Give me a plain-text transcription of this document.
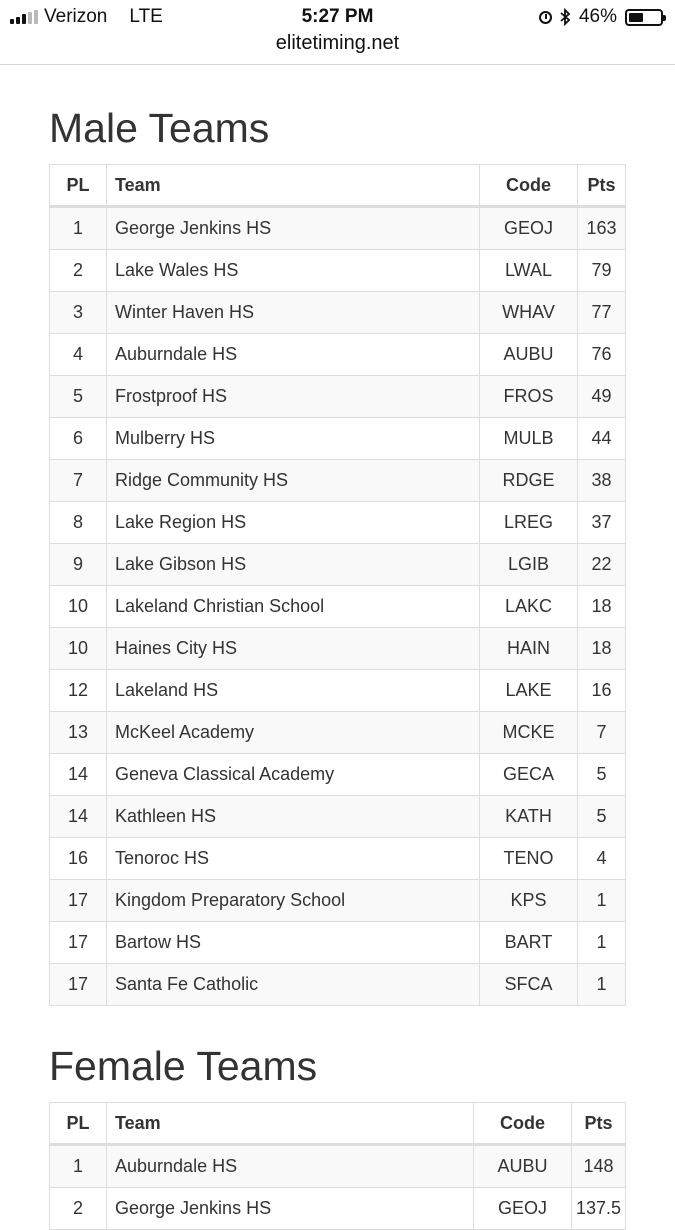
Verizon LTE	5:27 PM	46%
elitetiming.net
Male Teams
PL	Team	Code	Pts
1	George Jenkins HS	GEOJ	163
2	Lake Wales HS	LWAL	79
3	Winter Haven HS	WHAV	77
4	Auburndale HS	AUBU	76
5	Frostproof HS	FROS	49
6	Mulberry HS	MULB	44
7	Ridge Community HS	RDGE	38
8	Lake Region HS	LREG	37
9	Lake Gibson HS	LGIB	22
10	Lakeland Christian School	LAKC	18
10	Haines City HS	HAIN	18
12	Lakeland HS	LAKE	16
13	McKeel Academy	MCKE	7
14	Geneva Classical Academy	GECA	5
14	Kathleen HS	KATH	5
16	Tenoroc HS	TENO	4
17	Kingdom Preparatory School	KPS	1
17	Bartow HS	BART	1
17	Santa Fe Catholic	SFCA	1
Female Teams
PL	Team	Code	Pts
1	Auburndale HS	AUBU	148
2	George Jenkins HS	GEOJ	137.5
